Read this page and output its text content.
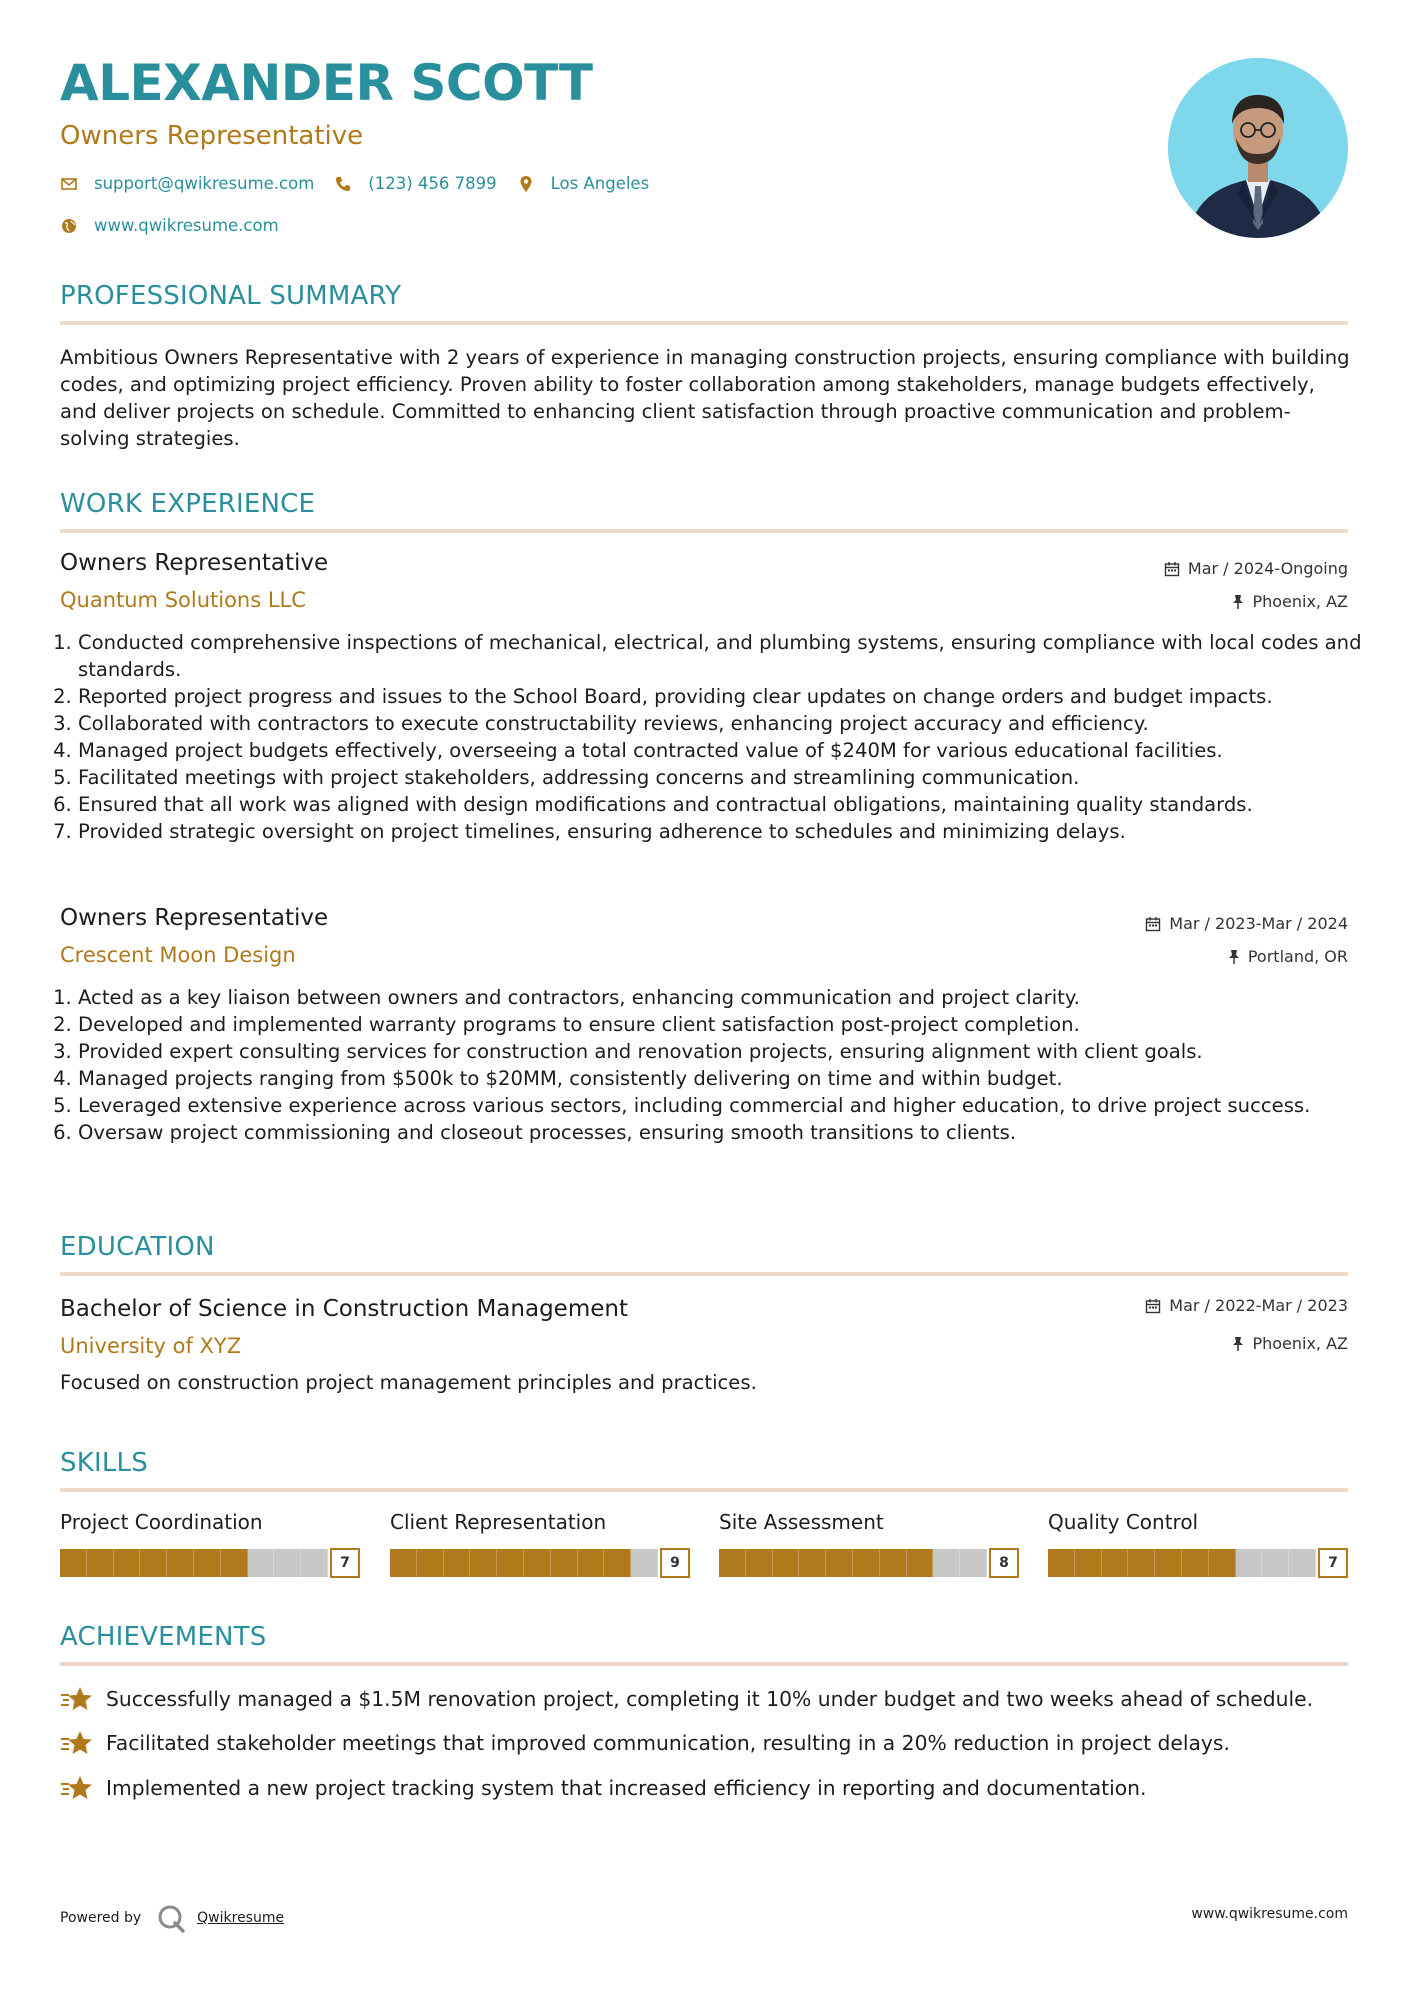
ALEXANDER SCOTT
Owners Representative
support@qwikresume.com	(123) 456 7899	Los Angeles
www.qwikresume.com
PROFESSIONAL SUMMARY
Ambitious Owners Representative with 2 years of experience in managing construction projects, ensuring compliance with building codes, and optimizing project efficiency. Proven ability to foster collaboration among stakeholders, manage budgets effectively, and deliver projects on schedule. Committed to enhancing client satisfaction through proactive communication and problem-solving strategies.
WORK EXPERIENCE
Owners Representative	Mar / 2024-Ongoing
Quantum Solutions LLC	Phoenix, AZ
1. Conducted comprehensive inspections of mechanical, electrical, and plumbing systems, ensuring compliance with local codes and standards.
2. Reported project progress and issues to the School Board, providing clear updates on change orders and budget impacts.
3. Collaborated with contractors to execute constructability reviews, enhancing project accuracy and efficiency.
4. Managed project budgets effectively, overseeing a total contracted value of $240M for various educational facilities.
5. Facilitated meetings with project stakeholders, addressing concerns and streamlining communication.
6. Ensured that all work was aligned with design modifications and contractual obligations, maintaining quality standards.
7. Provided strategic oversight on project timelines, ensuring adherence to schedules and minimizing delays.
Owners Representative	Mar / 2023-Mar / 2024
Crescent Moon Design	Portland, OR
1. Acted as a key liaison between owners and contractors, enhancing communication and project clarity.
2. Developed and implemented warranty programs to ensure client satisfaction post-project completion.
3. Provided expert consulting services for construction and renovation projects, ensuring alignment with client goals.
4. Managed projects ranging from $500k to $20MM, consistently delivering on time and within budget.
5. Leveraged extensive experience across various sectors, including commercial and higher education, to drive project success.
6. Oversaw project commissioning and closeout processes, ensuring smooth transitions to clients.
EDUCATION
Bachelor of Science in Construction Management	Mar / 2022-Mar / 2023
University of XYZ	Phoenix, AZ
Focused on construction project management principles and practices.
SKILLS
Project Coordination
7
Client Representation
9
Site Assessment
8
Quality Control
7
ACHIEVEMENTS
Successfully managed a $1.5M renovation project, completing it 10% under budget and two weeks ahead of schedule.
Facilitated stakeholder meetings that improved communication, resulting in a 20% reduction in project delays.
Implemented a new project tracking system that increased efficiency in reporting and documentation.
Powered by	Qwikresume	www.qwikresume.com
